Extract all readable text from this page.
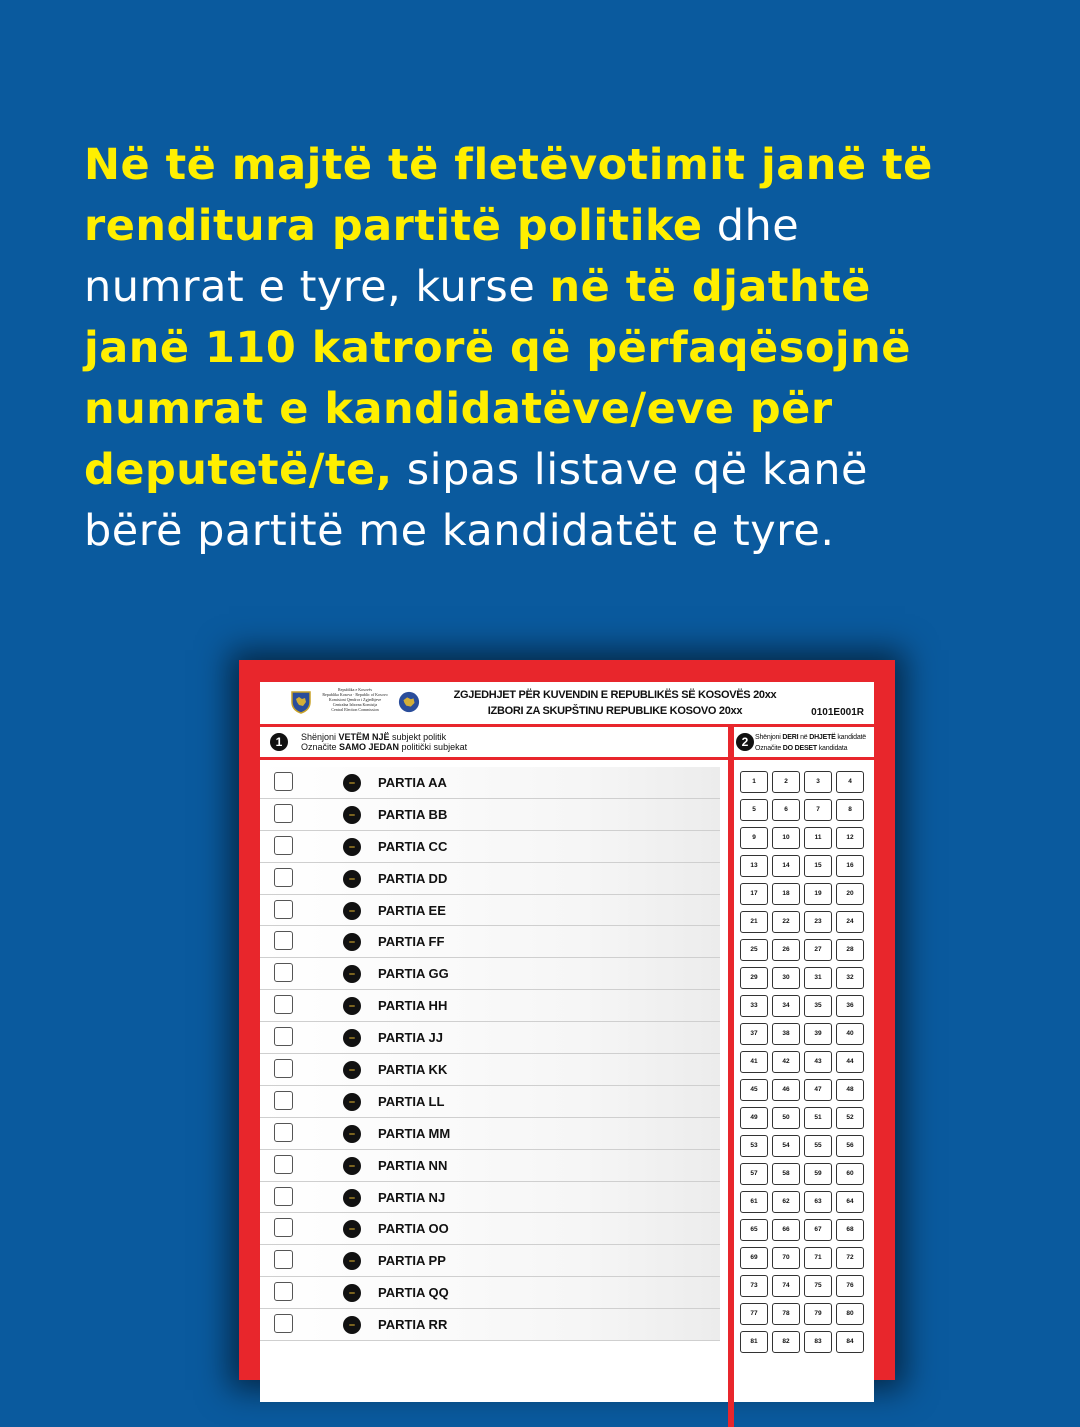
Në të majtë të fletëvotimit janë të
renditura partitë politike dhe
numrat e tyre, kurse në të djathtë
janë 110 katrorë që përfaqësojnë
numrat e kandidatëve/eve për
deputetë/te, sipas listave që kanë
bërë partitë me kandidatët e tyre.
Republika e Kosovës
Republika Kosova · Republic of Kosovo
Komisioni Qendror i Zgjedhjeve
Centralna Izborna Komisija
Central Election Commission
ZGJEDHJET PËR KUVENDIN E REPUBLIKËS SË KOSOVËS 20xx
IZBORI ZA SKUPŠTINU REPUBLIKE KOSOVO 20xx	0101E001R
1	Shënjoni VETËM NJË subjekt politik
Označite SAMO JEDAN politički subjekat	2 Shënjoni DERI në DHJETË kandidatë
Označite DO DESET kandidata
PARTIA AA
PARTIA BB
PARTIA CC
PARTIA DD
PARTIA EE
PARTIA FF
PARTIA GG
PARTIA HH
PARTIA JJ
PARTIA KK
PARTIA LL
PARTIA MM
PARTIA NN
PARTIA NJ
PARTIA OO
PARTIA PP
PARTIA QQ
PARTIA RR
1	2	3	4
5	6	7	8
9	10	11	12
13	14	15	16
17	18	19	20
21	22	23	24
25	26	27	28
29	30	31	32
33	34	35	36
37	38	39	40
41	42	43	44
45	46	47	48
49	50	51	52
53	54	55	56
57	58	59	60
61	62	63	64
65	66	67	68
69	70	71	72
73	74	75	76
77	78	79	80
81	82	83	84
